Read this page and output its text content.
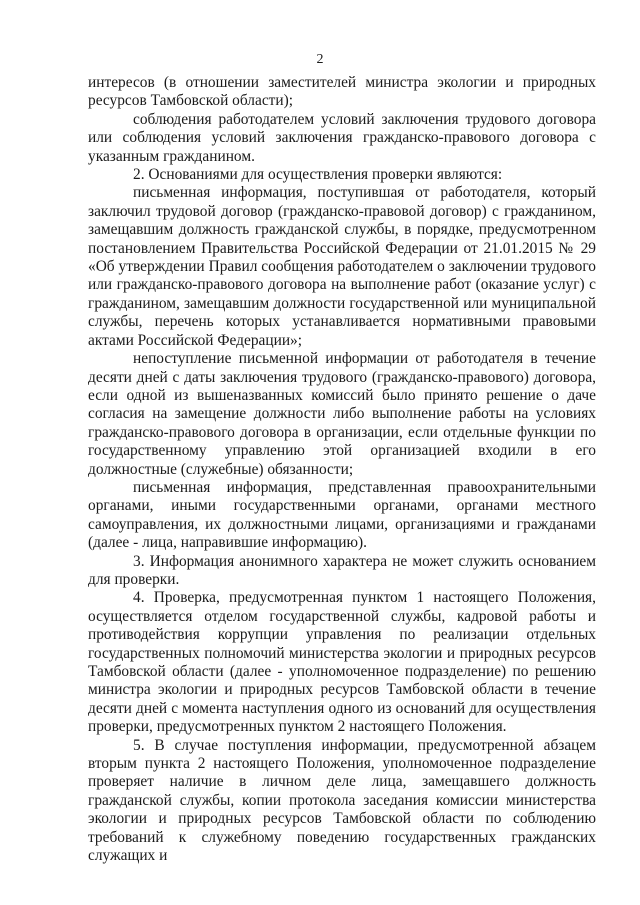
2

интересов (в отношении заместителей министра экологии и природных ресурсов Тамбовской области);

соблюдения работодателем условий заключения трудового договора или соблюдения условий заключения гражданско-правового договора с указанным гражданином.

2. Основаниями для осуществления проверки являются:

письменная информация, поступившая от работодателя, который заключил трудовой договор (гражданско-правовой договор) с гражданином, замещавшим должность гражданской службы, в порядке, предусмотренном постановлением Правительства Российской Федерации от 21.01.2015 № 29 «Об утверждении Правил сообщения работодателем о заключении трудового или гражданско-правового договора на выполнение работ (оказание услуг) с гражданином, замещавшим должности государственной или муниципальной службы, перечень которых устанавливается нормативными правовыми актами Российской Федерации»;

непоступление письменной информации от работодателя в течение десяти дней с даты заключения трудового (гражданско-правового) договора, если одной из вышеназванных комиссий было принято решение о даче согласия на замещение должности либо выполнение работы на условиях гражданско-правового договора в организации, если отдельные функции по государственному управлению этой организацией входили в его должностные (служебные) обязанности;

письменная информация, представленная правоохранительными органами, иными государственными органами, органами местного самоуправления, их должностными лицами, организациями и гражданами (далее - лица, направившие информацию).

3. Информация анонимного характера не может служить основанием для проверки.

4. Проверка, предусмотренная пунктом 1 настоящего Положения, осуществляется отделом государственной службы, кадровой работы и противодействия коррупции управления по реализации отдельных государственных полномочий министерства экологии и природных ресурсов Тамбовской области (далее - уполномоченное подразделение) по решению министра экологии и природных ресурсов Тамбовской области в течение десяти дней с момента наступления одного из оснований для осуществления проверки, предусмотренных пунктом 2 настоящего Положения.

5. В случае поступления информации, предусмотренной абзацем вторым пункта 2 настоящего Положения, уполномоченное подразделение проверяет наличие в личном деле лица, замещавшего должность гражданской службы, копии протокола заседания комиссии министерства экологии и природных ресурсов Тамбовской области по соблюдению требований к служебному поведению государственных гражданских служащих и
